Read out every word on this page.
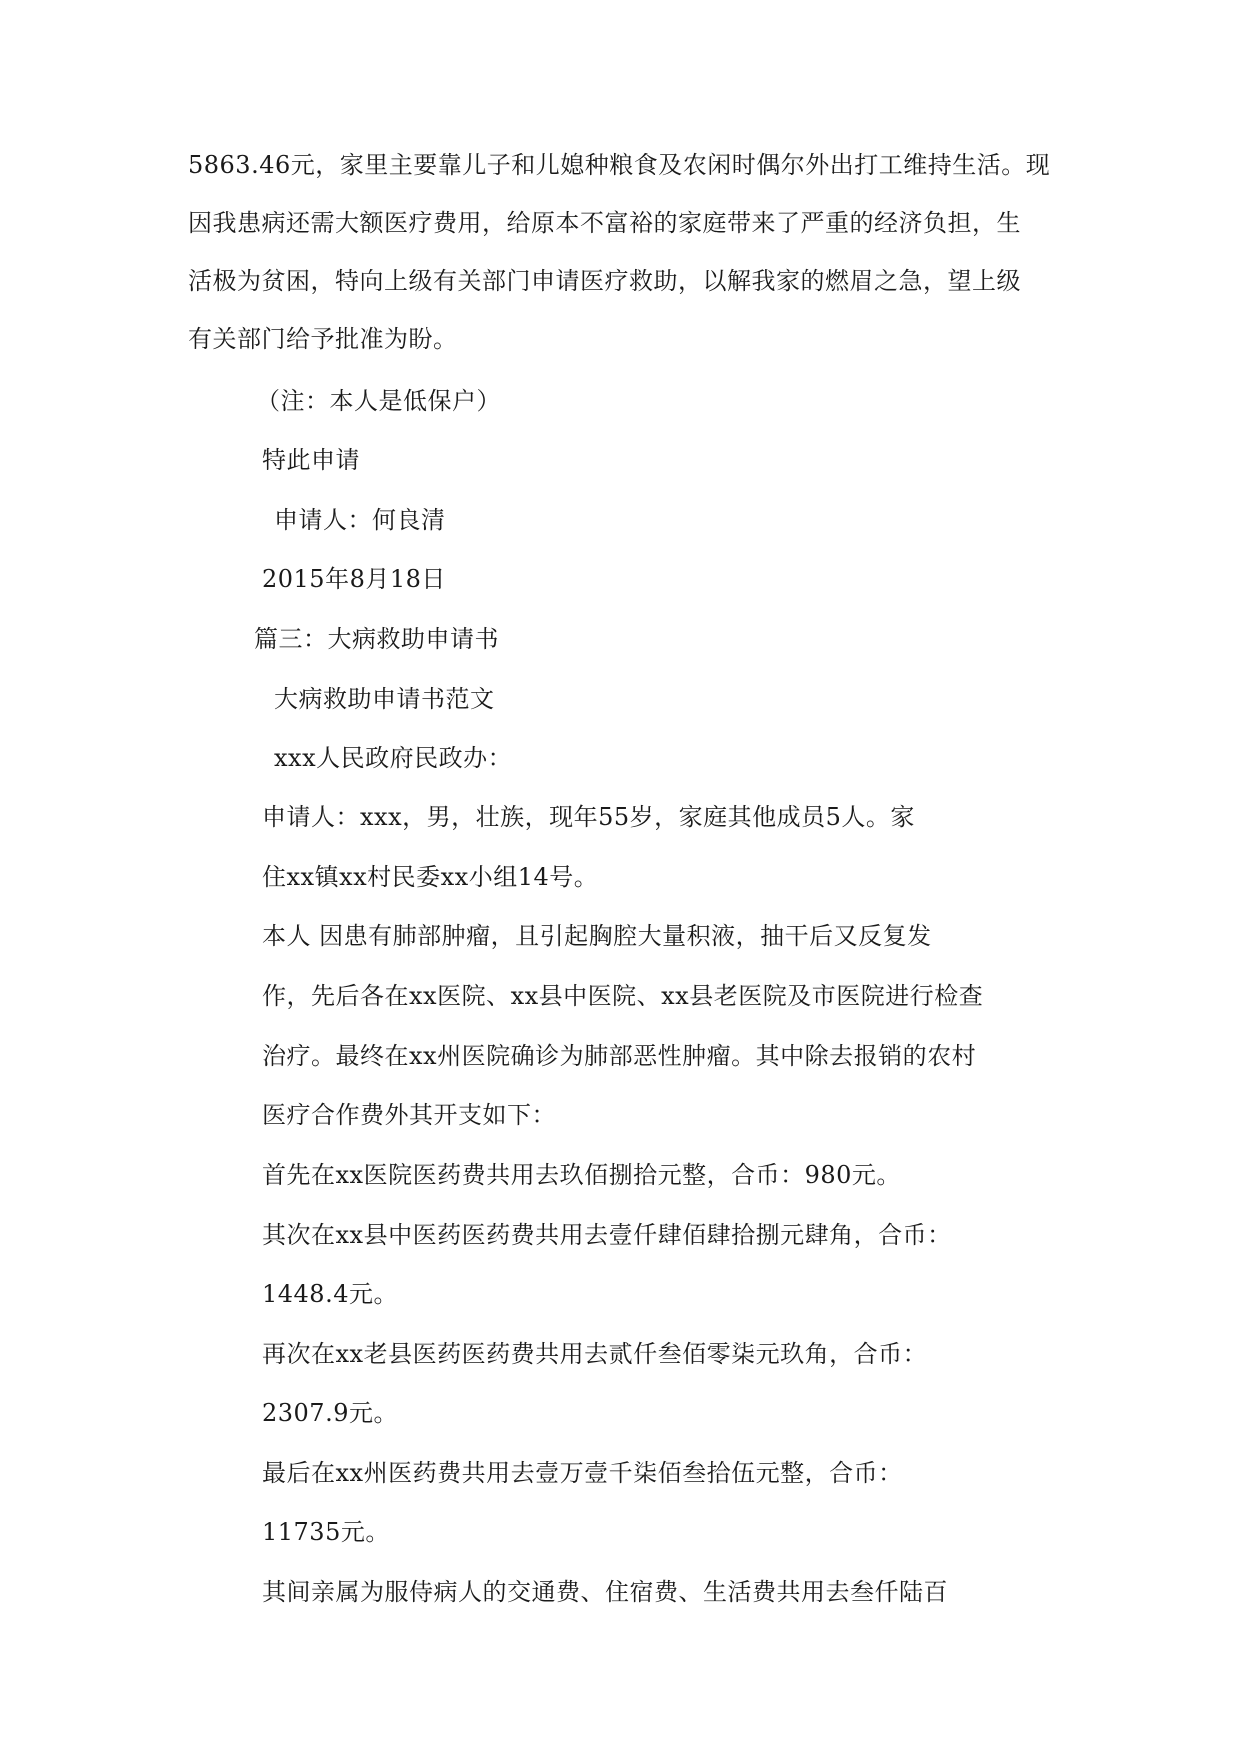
5863.46元，家里主要靠儿子和儿媳种粮食及农闲时偶尔外出打工维持生活。现
因我患病还需大额医疗费用，给原本不富裕的家庭带来了严重的经济负担，生
活极为贫困，特向上级有关部门申请医疗救助，以解我家的燃眉之急，望上级
有关部门给予批准为盼。
（注：本人是低保户）
特此申请
申请人：何良清
2015年8月18日
篇三：大病救助申请书
大病救助申请书范文
xxx人民政府民政办：
申请人：xxx，男，壮族，现年55岁，家庭其他成员5人。家
住xx镇xx村民委xx小组14号。
本人 因患有肺部肿瘤，且引起胸腔大量积液，抽干后又反复发
作，先后各在xx医院、xx县中医院、xx县老医院及市医院进行检查
治疗。最终在xx州医院确诊为肺部恶性肿瘤。其中除去报销的农村
医疗合作费外其开支如下：
首先在xx医院医药费共用去玖佰捌拾元整，合币：980元。
其次在xx县中医药医药费共用去壹仟肆佰肆拾捌元肆角，合币：
1448.4元。
再次在xx老县医药医药费共用去贰仟叁佰零柒元玖角，合币：
2307.9元。
最后在xx州医药费共用去壹万壹千柒佰叁拾伍元整，合币：
11735元。
其间亲属为服侍病人的交通费、住宿费、生活费共用去叁仟陆百
